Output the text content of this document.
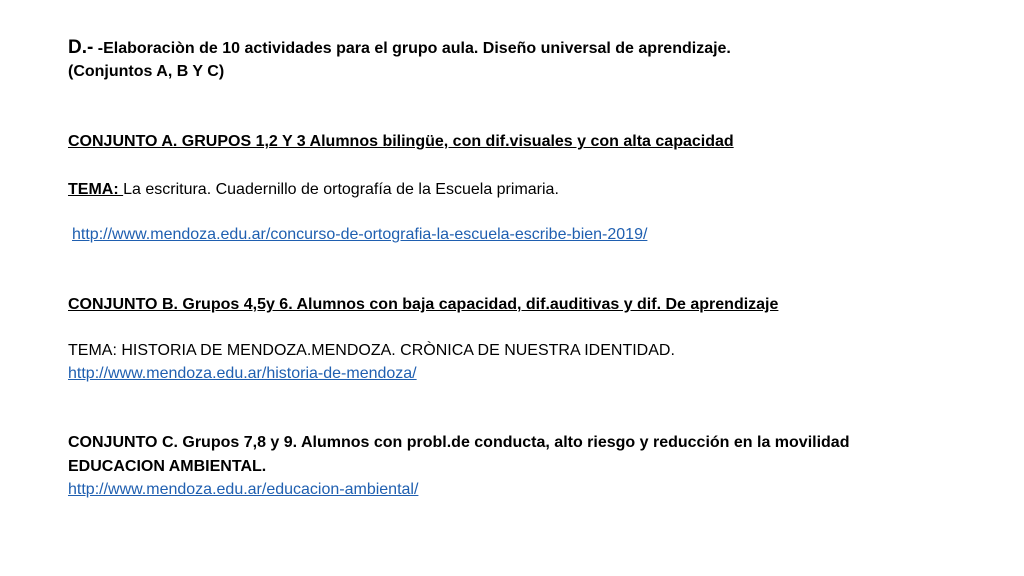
D.- -Elaboraciòn de 10 actividades para el grupo aula. Diseño universal de aprendizaje.
(Conjuntos A, B Y C)
CONJUNTO A. GRUPOS 1,2 Y 3 Alumnos bilingüe, con dif.visuales y con alta capacidad
TEMA: La escritura. Cuadernillo de ortografía de la Escuela primaria.
http://www.mendoza.edu.ar/concurso-de-ortografia-la-escuela-escribe-bien-2019/
CONJUNTO B. Grupos 4,5y 6. Alumnos con baja capacidad, dif.auditivas y dif. De aprendizaje
TEMA: HISTORIA DE MENDOZA.MENDOZA. CRÒNICA DE NUESTRA IDENTIDAD.
http://www.mendoza.edu.ar/historia-de-mendoza/
CONJUNTO C. Grupos 7,8 y 9. Alumnos con probl.de conducta, alto riesgo y reducción en la movilidad
EDUCACION AMBIENTAL.
http://www.mendoza.edu.ar/educacion-ambiental/
